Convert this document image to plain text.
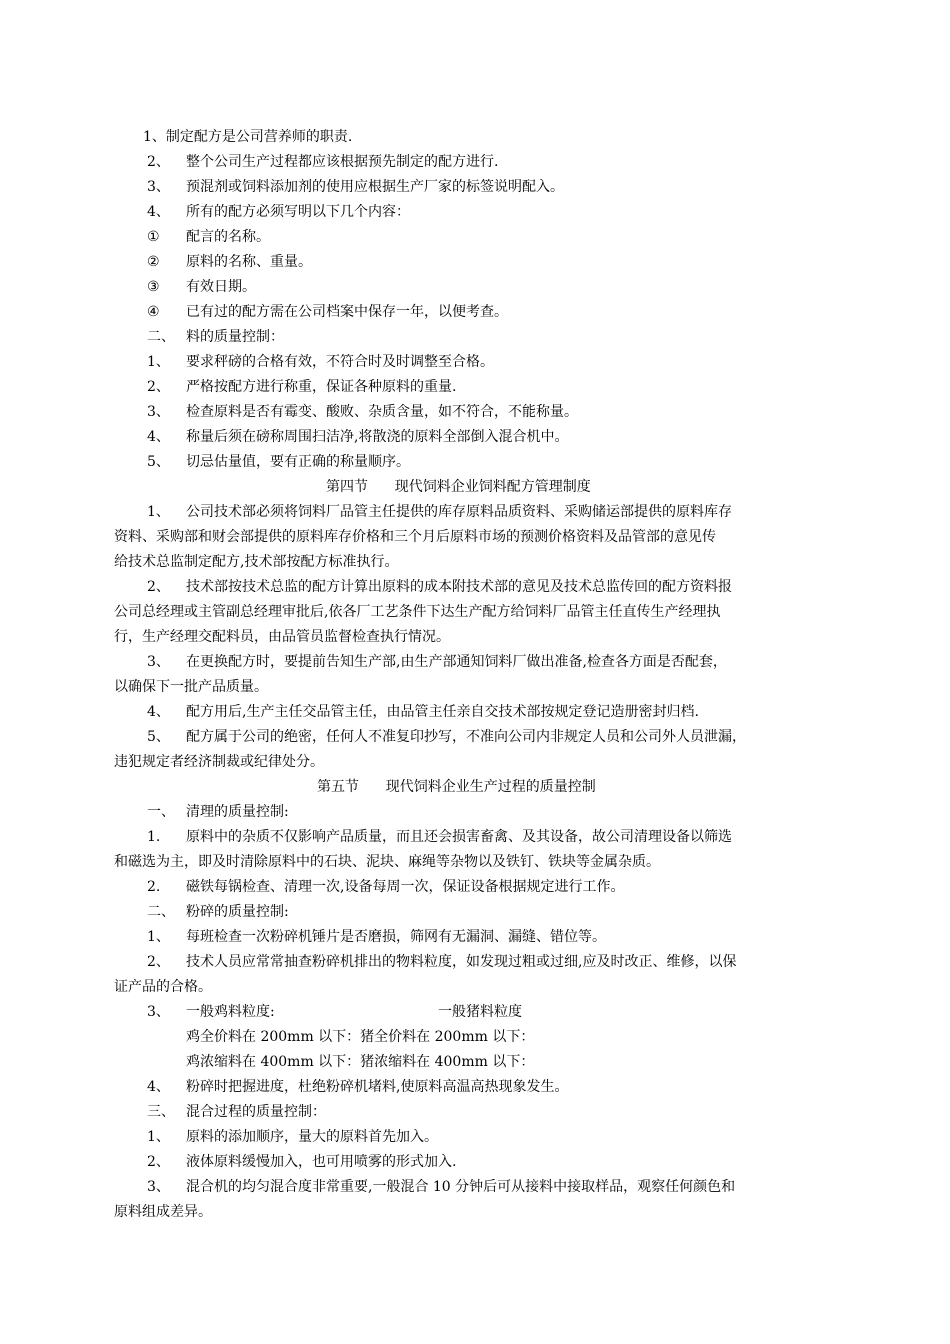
1、制定配方是公司营养师的职责.
2、 整个公司生产过程都应该根据预先制定的配方进行.
3、 预混剂或饲料添加剂的使用应根据生产厂家的标签说明配入。
4、 所有的配方必须写明以下几个内容：
① 配言的名称。
② 原料的名称、重量。
③ 有效日期。
④ 已有过的配方需在公司档案中保存一年，以便考查。
二、 料的质量控制：
1、 要求秤磅的合格有效，不符合时及时调整至合格。
2、 严格按配方进行称重，保证各种原料的重量.
3、 检查原料是否有霉变、酸败、杂质含量，如不符合，不能称量。
4、 称量后须在磅称周围扫洁净,将散浇的原料全部倒入混合机中。
5、 切忌估量值，要有正确的称量顺序。
第四节      现代饲料企业饲料配方管理制度
1、 公司技术部必须将饲料厂品管主任提供的库存原料品质资料、采购储运部提供的原料库存
资料、采购部和财会部提供的原料库存价格和三个月后原料市场的预测价格资料及品管部的意见传
给技术总监制定配方,技术部按配方标准执行。
2、 技术部按技术总监的配方计算出原料的成本附技术部的意见及技术总监传回的配方资料报
公司总经理或主管副总经理审批后,依各厂工艺条件下达生产配方给饲料厂品管主任直传生产经理执
行，生产经理交配料员，由品管员监督检查执行情况。
3、 在更换配方时，要提前告知生产部,由生产部通知饲料厂做出准备,检查各方面是否配套，
以确保下一批产品质量。
4、 配方用后,生产主任交品管主任，由品管主任亲自交技术部按规定登记造册密封归档.
5、 配方属于公司的绝密，任何人不准复印抄写，不准向公司内非规定人员和公司外人员泄漏，
违犯规定者经济制裁或纪律处分。
第五节      现代饲料企业生产过程的质量控制
一、 清理的质量控制:
1. 原料中的杂质不仅影响产品质量，而且还会损害畜禽、及其设备，故公司清理设备以筛选
和磁选为主，即及时清除原料中的石块、泥块、麻绳等杂物以及铁钉、铁块等金属杂质。
2. 磁铁每锅检查、清理一次,设备每周一次，保证设备根据规定进行工作。
二、 粉碎的质量控制:
1、 每班检查一次粉碎机锤片是否磨损，筛网有无漏洞、漏缝、错位等。
2、 技术人员应常常抽查粉碎机排出的物料粒度，如发现过粗或过细,应及时改正、维修，以保
证产品的合格。
3、 一般鸡料粒度:	一般猪料粒度
鸡全价料在 200mm 以下：猪全价料在 200mm 以下：
鸡浓缩料在 400mm 以下：猪浓缩料在 400mm 以下：
4、 粉碎时把握进度，杜绝粉碎机堵料,使原料高温高热现象发生。
三、 混合过程的质量控制：
1、 原料的添加顺序，量大的原料首先加入。
2、 液体原料缓慢加入，也可用喷雾的形式加入.
3、 混合机的均匀混合度非常重要,一般混合 10 分钟后可从接料中接取样品，观察任何颜色和
原料组成差异。
